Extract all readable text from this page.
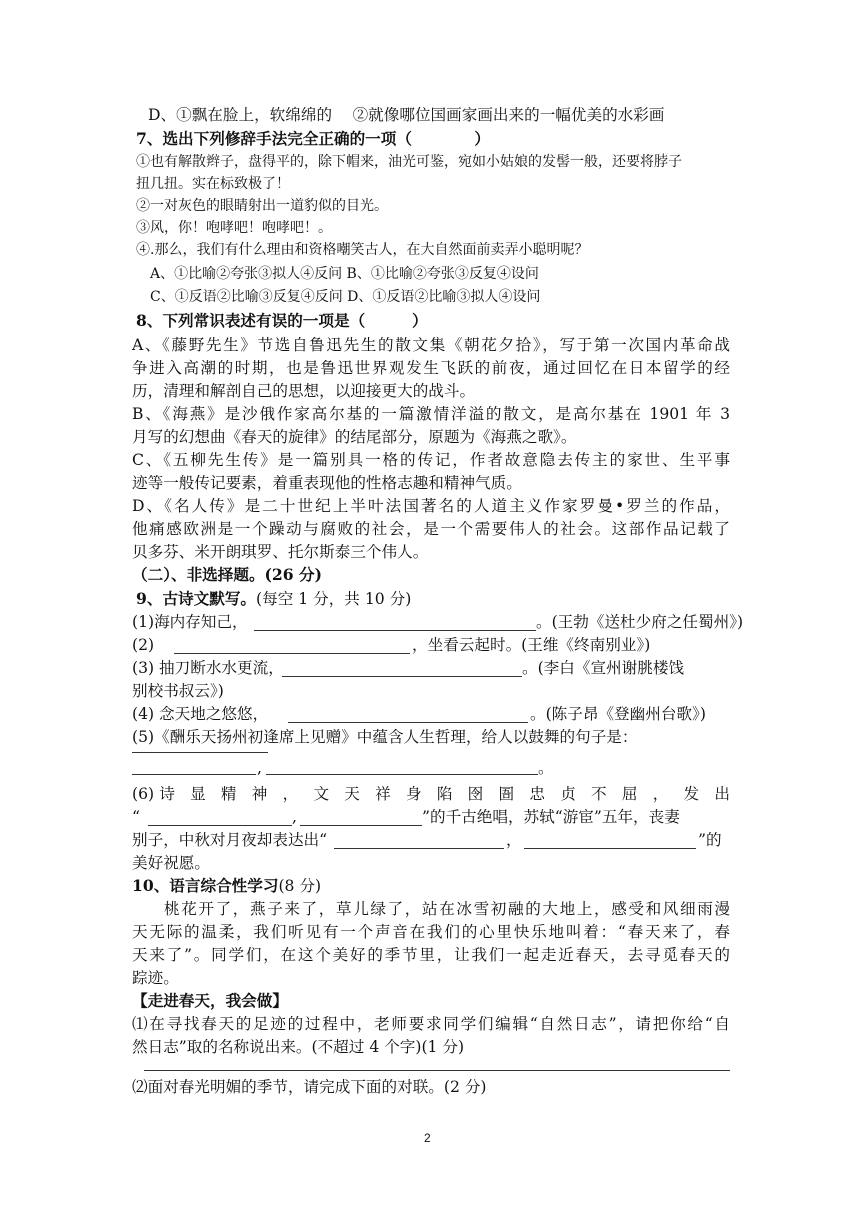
D、①飘在脸上，软绵绵的　 ②就像哪位国画家画出来的一幅优美的水彩画
7、选出下列修辞手法完全正确的一项（　　　　）
①也有解散辫子，盘得平的，除下帽来，油光可鉴，宛如小姑娘的发髻一般，还要将脖子
扭几扭。实在标致极了！
②一对灰色的眼睛射出一道豹似的目光。
③风，你！咆哮吧！咆哮吧！。
④.那么，我们有什么理由和资格嘲笑古人，在大自然面前卖弄小聪明呢？
A、①比喻②夸张③拟人④反问 B、①比喻②夸张③反复④设问
C、①反语②比喻③反复④反问 D、①反语②比喻③拟人④设问
8、下列常识表述有误的一项是（　　　）
A、《藤野先生》节选自鲁迅先生的散文集《朝花夕拾》，写于第一次国内革命战
争进入高潮的时期，也是鲁迅世界观发生飞跃的前夜，通过回忆在日本留学的经
历，清理和解剖自己的思想，以迎接更大的战斗。
B、《海燕》是沙俄作家高尔基的一篇激情洋溢的散文，是高尔基在 1901 年 3
月写的幻想曲《春天的旋律》的结尾部分，原题为《海燕之歌》。
C、《五柳先生传》是一篇别具一格的传记，作者故意隐去传主的家世、生平事
迹等一般传记要素，着重表现他的性格志趣和精神气质。
D、《名人传》是二十世纪上半叶法国著名的人道主义作家罗曼•罗兰的作品，
他痛感欧洲是一个躁动与腐败的社会，是一个需要伟人的社会。这部作品记载了
贝多芬、米开朗琪罗、托尔斯泰三个伟人。
（二）、非选择题。(26 分)
9、古诗文默写。(每空 1 分，共 10 分)
(1)海内存知己，	。(王勃《送杜少府之任蜀州》)
(2)	，坐看云起时。(王维《终南别业》)
(3) 抽刀断水水更流，	。(李白《宣州谢朓楼饯
别校书叔云》)
(4) 念天地之悠悠，	。(陈子昂《登幽州台歌》)
(5)《酬乐天扬州初逢席上见赠》中蕴含人生哲理，给人以鼓舞的句子是：
,	。
(6)诗 显 精 神 ， 文 天 祥 身 陷 囹 圄 忠 贞 不 屈 ， 发 出
“	,	”的千古绝唱，苏轼“游宦”五年，丧妻
别子，中秋对月夜却表达出“	，	”的
美好祝愿。
10、语言综合性学习(8 分)
桃花开了，燕子来了，草儿绿了，站在冰雪初融的大地上，感受和风细雨漫
天无际的温柔，我们听见有一个声音在我们的心里快乐地叫着：“春天来了，春
天来了”。同学们，在这个美好的季节里，让我们一起走近春天，去寻觅春天的
踪迹。
【走进春天，我会做】
⑴在寻找春天的足迹的过程中，老师要求同学们编辑“自然日志”，请把你给“自
然日志”取的名称说出来。(不超过 4 个字)(1 分)
⑵面对春光明媚的季节，请完成下面的对联。(2 分)
2
